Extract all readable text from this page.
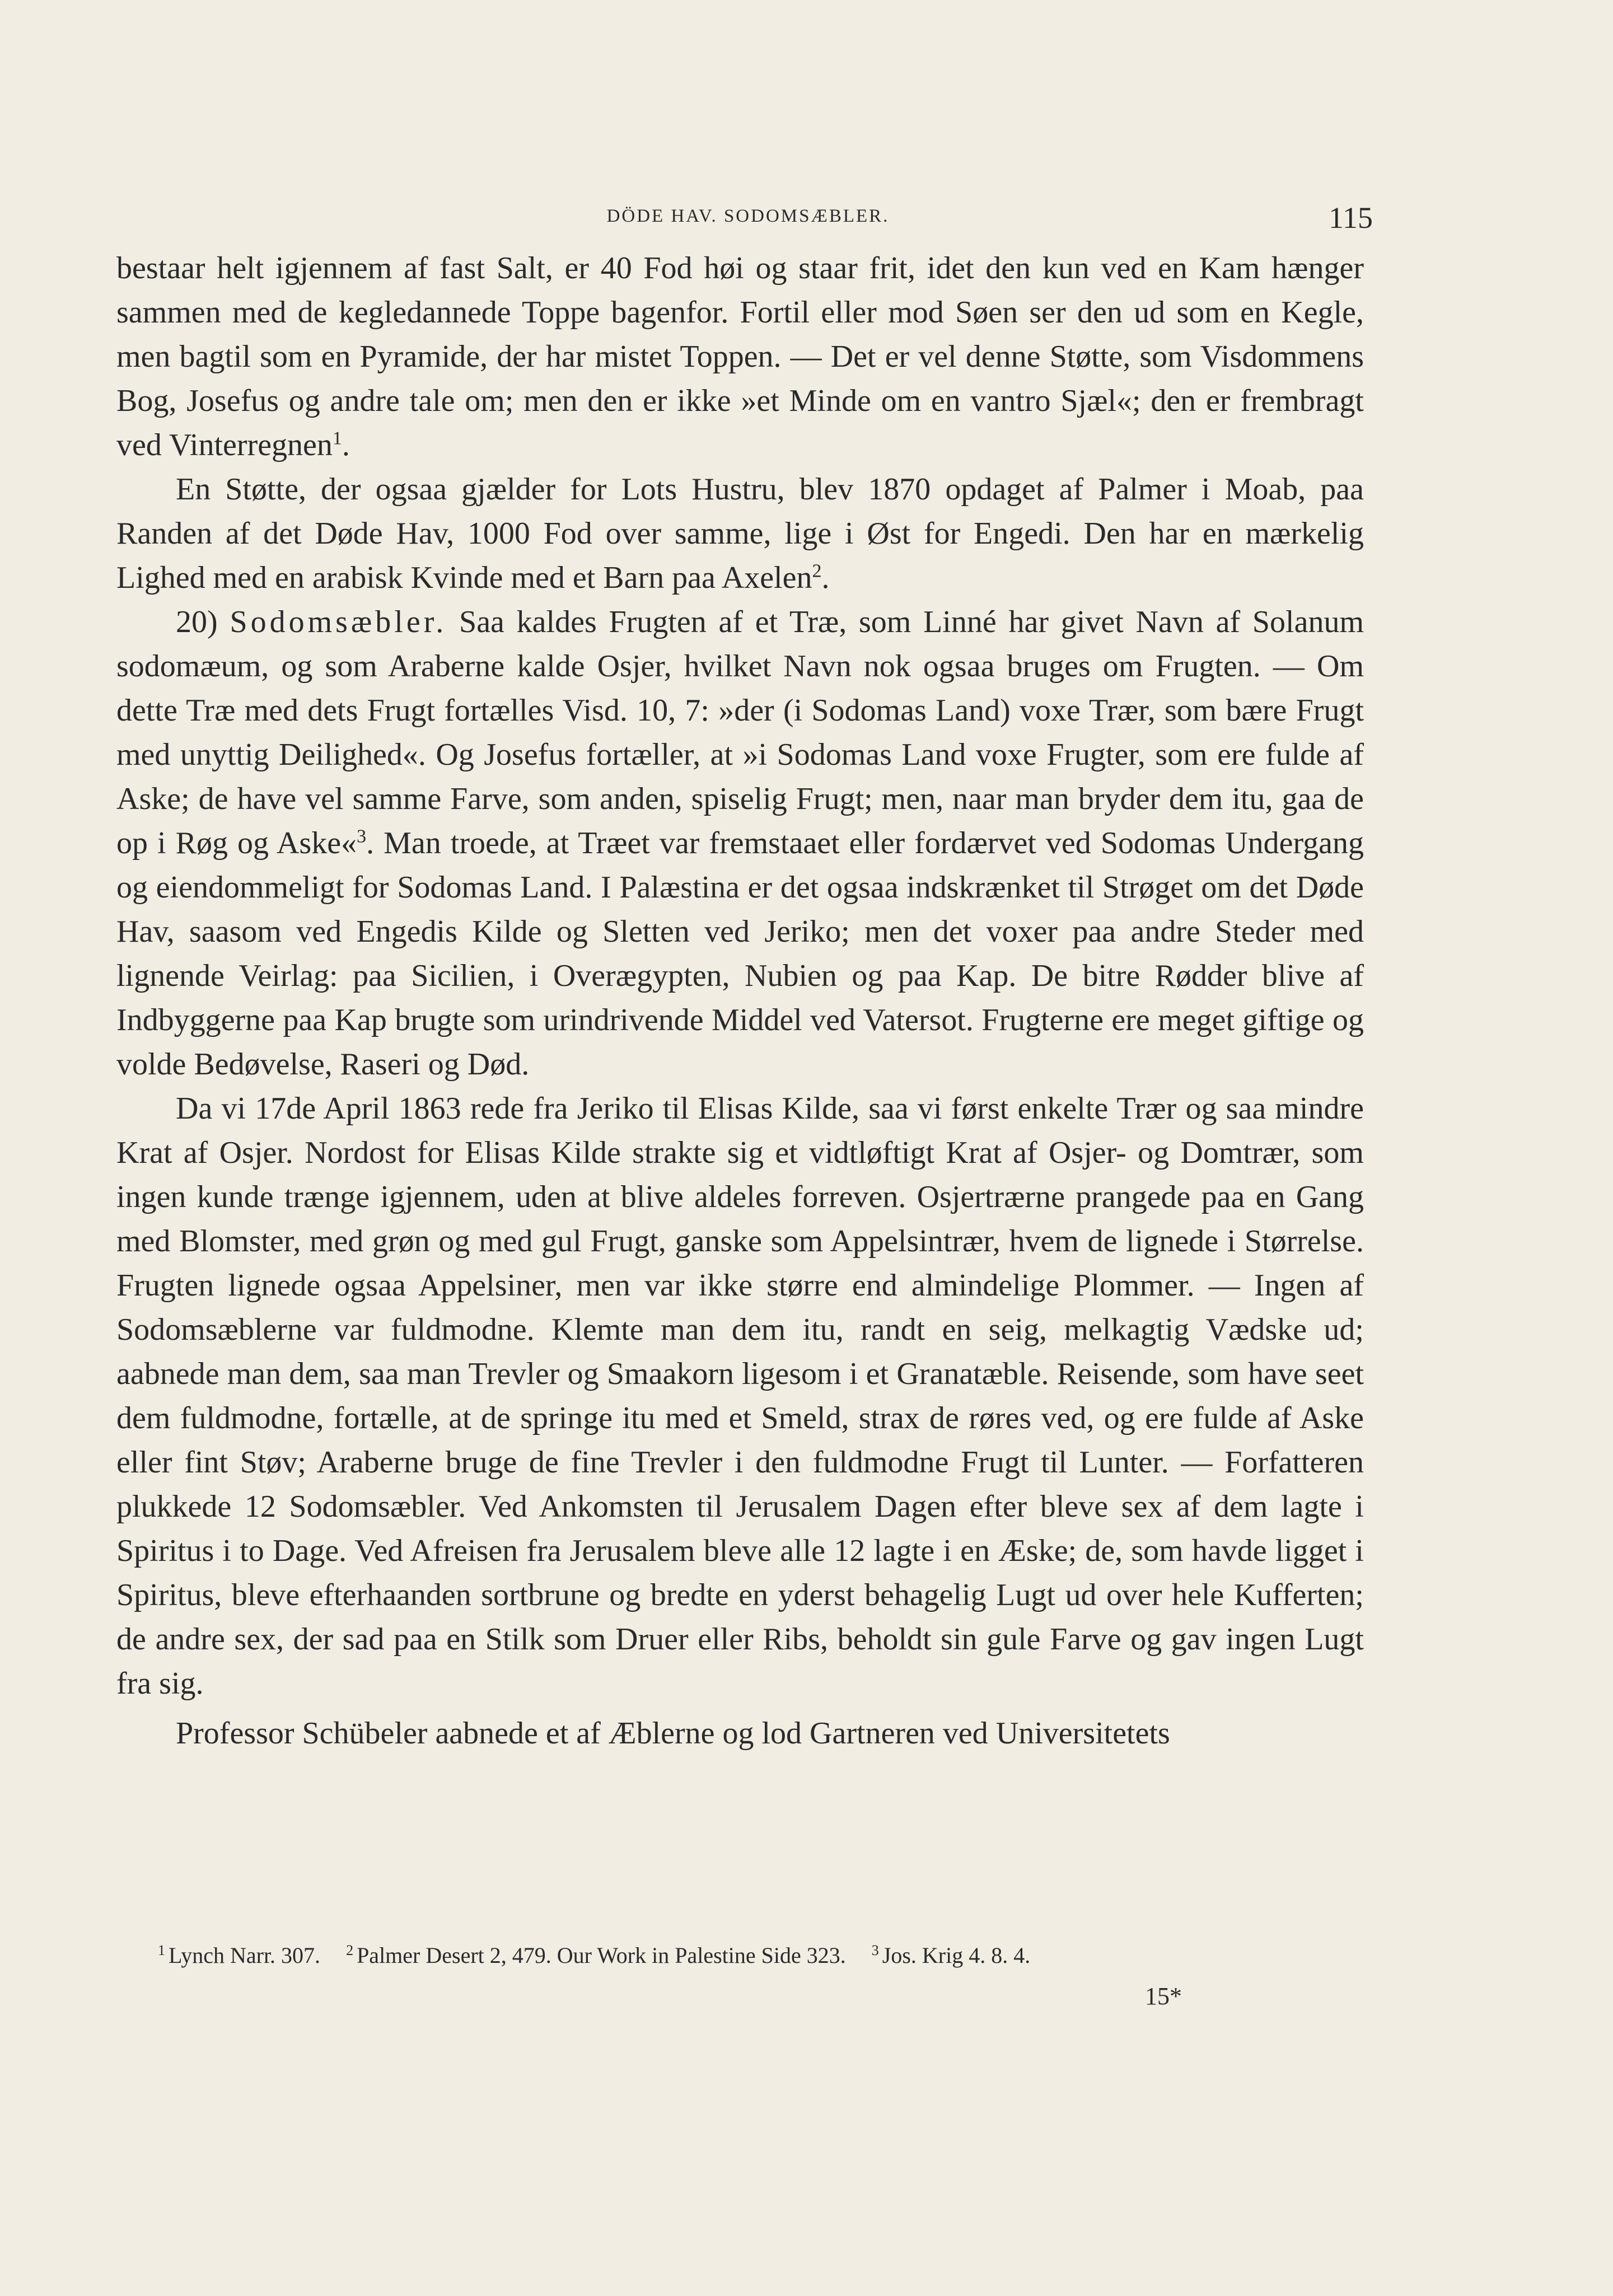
DÖDE HAV. SODOMSÆBLER.	115

bestaar helt igjennem af fast Salt, er 40 Fod høi og staar frit, idet den kun ved en Kam hænger sammen med de kegledannede Toppe bagenfor. Fortil eller mod Søen ser den ud som en Kegle, men bagtil som en Pyramide, der har mistet Toppen. — Det er vel denne Støtte, som Visdommens Bog, Josefus og andre tale om; men den er ikke »et Minde om en vantro Sjæl«; den er frembragt ved Vinterregnen$^1$.

En Støtte, der ogsaa gjælder for Lots Hustru, blev 1870 opdaget af Palmer i Moab, paa Randen af det Døde Hav, 1000 Fod over samme, lige i Øst for Engedi. Den har en mærkelig Lighed med en arabisk Kvinde med et Barn paa Axelen$^2$.

20) Sodomsæbler. Saa kaldes Frugten af et Træ, som Linné har givet Navn af Solanum sodomæum, og som Araberne kalde Osjer, hvilket Navn nok ogsaa bruges om Frugten. — Om dette Træ med dets Frugt fortælles Visd. 10, 7: »der (i Sodomas Land) voxe Trær, som bære Frugt med unyttig Deilighed«. Og Josefus fortæller, at »i Sodomas Land voxe Frugter, som ere fulde af Aske; de have vel samme Farve, som anden, spiselig Frugt; men, naar man bryder dem itu, gaa de op i Røg og Aske«$^3$. Man troede, at Træet var fremstaaet eller fordærvet ved Sodomas Undergang og eiendommeligt for Sodomas Land. I Palæstina er det ogsaa indskrænket til Strøget om det Døde Hav, saasom ved Engedis Kilde og Sletten ved Jeriko; men det voxer paa andre Steder med lignende Veirlag: paa Sicilien, i Overægypten, Nubien og paa Kap. De bitre Rødder blive af Indbyggerne paa Kap brugte som urindrivende Middel ved Vatersot. Frugterne ere meget giftige og volde Bedøvelse, Raseri og Død.

Da vi 17de April 1863 rede fra Jeriko til Elisas Kilde, saa vi først enkelte Trær og saa mindre Krat af Osjer. Nordost for Elisas Kilde strakte sig et vidtløftigt Krat af Osjer- og Domtrær, som ingen kunde trænge igjennem, uden at blive aldeles forreven. Osjertrærne prangede paa en Gang med Blomster, med grøn og med gul Frugt, ganske som Appelsintrær, hvem de lignede i Størrelse. Frugten lignede ogsaa Appelsiner, men var ikke større end almindelige Plommer. — Ingen af Sodomsæblerne var fuldmodne. Klemte man dem itu, randt en seig, melkagtig Vædske ud; aabnede man dem, saa man Trevler og Smaakorn ligesom i et Granatæble. Reisende, som have seet dem fuldmodne, fortælle, at de springe itu med et Smeld, strax de røres ved, og ere fulde af Aske eller fint Støv; Araberne bruge de fine Trevler i den fuldmodne Frugt til Lunter. — Forfatteren plukkede 12 Sodomsæbler. Ved Ankomsten til Jerusalem Dagen efter bleve sex af dem lagte i Spiritus i to Dage. Ved Afreisen fra Jerusalem bleve alle 12 lagte i en Æske; de, som havde ligget i Spiritus, bleve efterhaanden sortbrune og bredte en yderst behagelig Lugt ud over hele Kufferten; de andre sex, der sad paa en Stilk som Druer eller Ribs, beholdt sin gule Farve og gav ingen Lugt fra sig.

Professor Schübeler aabnede et af Æblerne og lod Gartneren ved Universitetets

$^1$ Lynch Narr. 307. $^2$ Palmer Desert 2, 479. Our Work in Palestine Side 323. $^3$ Jos. Krig 4. 8. 4.
15*
